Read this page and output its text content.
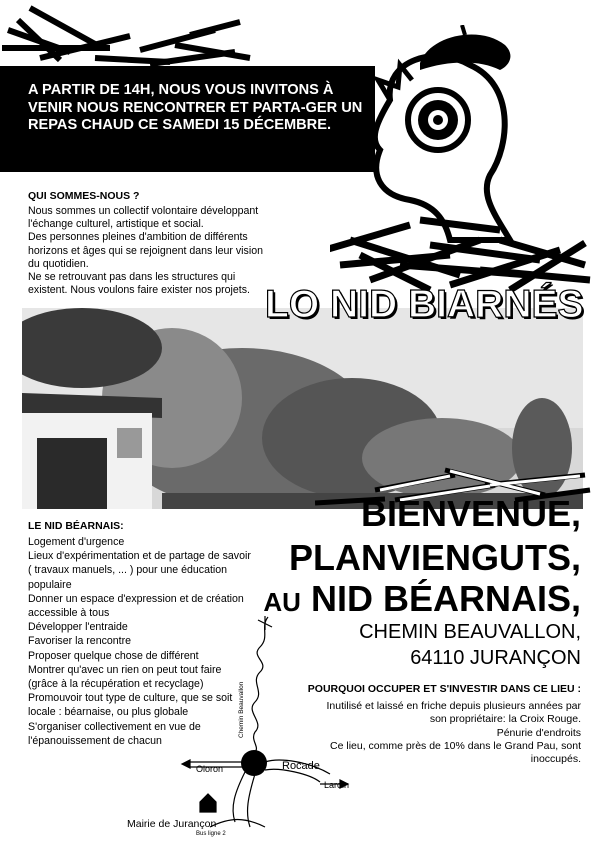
A PARTIR DE 14H, NOUS VOUS INVITONS À VENIR NOUS RENCONTRER ET PARTA-GER UN REPAS CHAUD CE SAMEDI 15 DÉCEMBRE.

QUI SOMMES-NOUS ?

Nous sommes un collectif volontaire développant l'échange culturel, artistique et social.

Des personnes pleines d'ambition de différents horizons et âges qui se rejoignent dans leur vision du quotidien.

Ne se retrouvant pas dans les structures qui existent. Nous voulons faire exister nos projets. LO NID BIARNÉS

LE NID BÉARNAIS:

Logement d'urgence
Lieux d'expérimentation et de partage de savoir ( travaux manuels, ... ) pour une éducation populaire
Donner un espace d'expression et de création accessible à tous
Développer l'entraide
Favoriser la rencontre
Proposer quelque chose de différent
Montrer qu'avec un rien on peut tout faire (grâce à la récupération et recyclage)
Promouvoir tout type de culture, que se soit locale : béarnaise, ou plus globale
S'organiser collectivement en vue de l'épanouissement de chacun

BIENVENUE,

PLANVIENGUTS,

AU NID BÉARNAIS,

CHEMIN BEAUVALLON,

64110 JURANÇON

POURQUOI OCCUPER ET S'INVESTIR DANS CE LIEU :

Inutilisé et laissé en friche depuis plusieurs années par son propriétaire: la Croix Rouge.

Pénurie d'endroits

Ce lieu, comme près de 10% dans le Grand Pau, sont inoccupés.

Chemin Beauvallon

Oloron	Rocade

Laroin

Mairie de Jurançon

Bus ligne 2
